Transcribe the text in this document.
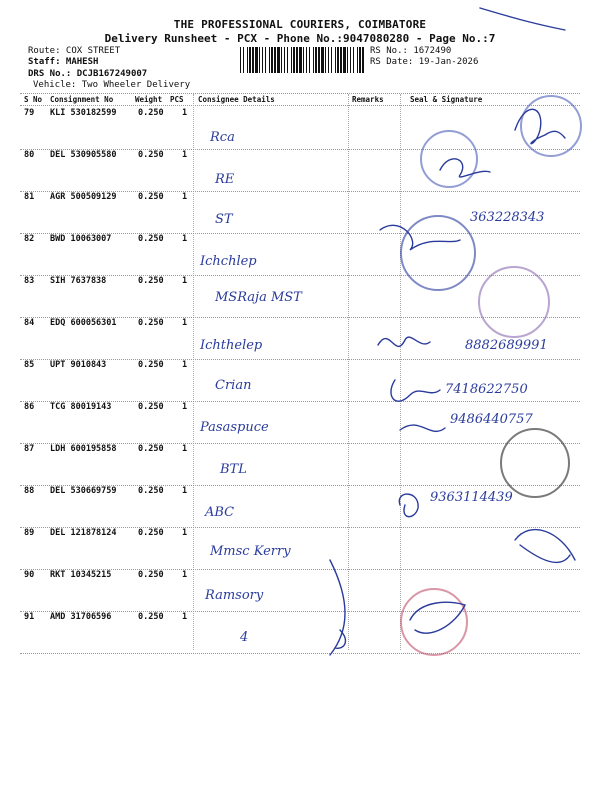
THE PROFESSIONAL COURIERS, COIMBATORE
Delivery Runsheet - PCX - Phone No.:9047080280 - Page No.:7
Route: COX STREET
Staff: MAHESH
DRS No.: DCJB167249007
Vehicle: Two Wheeler Delivery
RS No.: 1672490
RS Date: 19-Jan-2026
S No Consignment No	Weight PCS Consignee Details	Remarks	Seal & Signature
79 KLI 530182599	0.250 1
Rca
80 DEL 530905580	0.250 1
RE
81 AGR 500509129	0.250 1
ST	363228343
82 BWD 10063007	0.250 1
Ichchlep
83 SIH 7637838	0.250 1
MSRaja MST
84 EDQ 600056301	0.250 1
Ichthelep	8882689991
85 UPT 9010843	0.250 1
Crian	7418622750
86 TCG 80019143	0.250 1
Pasaspuce
9486440757
87 LDH 600195858	0.250 1
BTL
88 DEL 530669759	0.250 1
ABC
9363114439
89 DEL 121878124	0.250 1
Mmsc Kerry
90 RKT 10345215	0.250 1
Ramsory
91 AMD 31706596	0.250 1
4
